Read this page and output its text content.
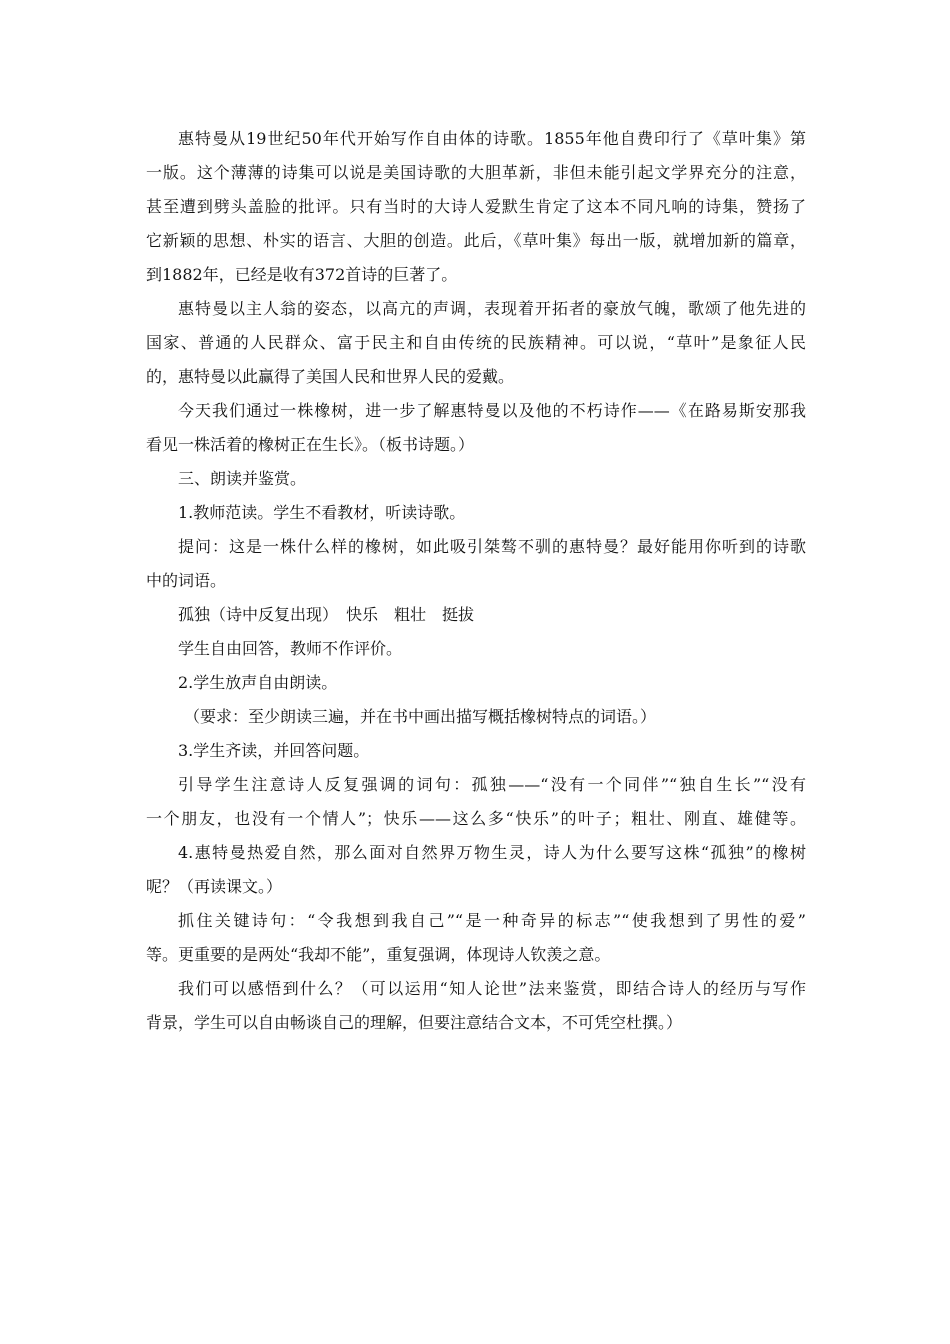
惠特曼从19世纪50年代开始写作自由体的诗歌。1855年他自费印行了《草叶集》第
一版。这个薄薄的诗集可以说是美国诗歌的大胆革新，非但未能引起文学界充分的注意，
甚至遭到劈头盖脸的批评。只有当时的大诗人爱默生肯定了这本不同凡响的诗集，赞扬了
它新颖的思想、朴实的语言、大胆的创造。此后，《草叶集》每出一版，就增加新的篇章，
到1882年，已经是收有372首诗的巨著了。
惠特曼以主人翁的姿态，以高亢的声调，表现着开拓者的豪放气魄，歌颂了他先进的
国家、普通的人民群众、富于民主和自由传统的民族精神。可以说，“草叶”是象征人民
的，惠特曼以此赢得了美国人民和世界人民的爱戴。
今天我们通过一株橡树，进一步了解惠特曼以及他的不朽诗作——《在路易斯安那我
看见一株活着的橡树正在生长》。（板书诗题。）
三、朗读并鉴赏。
1.教师范读。学生不看教材，听读诗歌。
提问：这是一株什么样的橡树，如此吸引桀骜不驯的惠特曼？最好能用你听到的诗歌
中的词语。
孤独（诗中反复出现）　快乐　粗壮　挺拔
学生自由回答，教师不作评价。
2.学生放声自由朗读。
（要求：至少朗读三遍，并在书中画出描写概括橡树特点的词语。）
3.学生齐读，并回答问题。
引导学生注意诗人反复强调的词句：孤独——“没有一个同伴”“独自生长”“没有
一个朋友，也没有一个情人”；快乐——这么多“快乐”的叶子；粗壮、刚直、雄健等。
4.惠特曼热爱自然，那么面对自然界万物生灵，诗人为什么要写这株“孤独”的橡树
呢？（再读课文。）
抓住关键诗句：“令我想到我自己”“是一种奇异的标志”“使我想到了男性的爱”
等。更重要的是两处“我却不能”，重复强调，体现诗人钦羡之意。
我们可以感悟到什么？（可以运用“知人论世”法来鉴赏，即结合诗人的经历与写作
背景，学生可以自由畅谈自己的理解，但要注意结合文本，不可凭空杜撰。）
